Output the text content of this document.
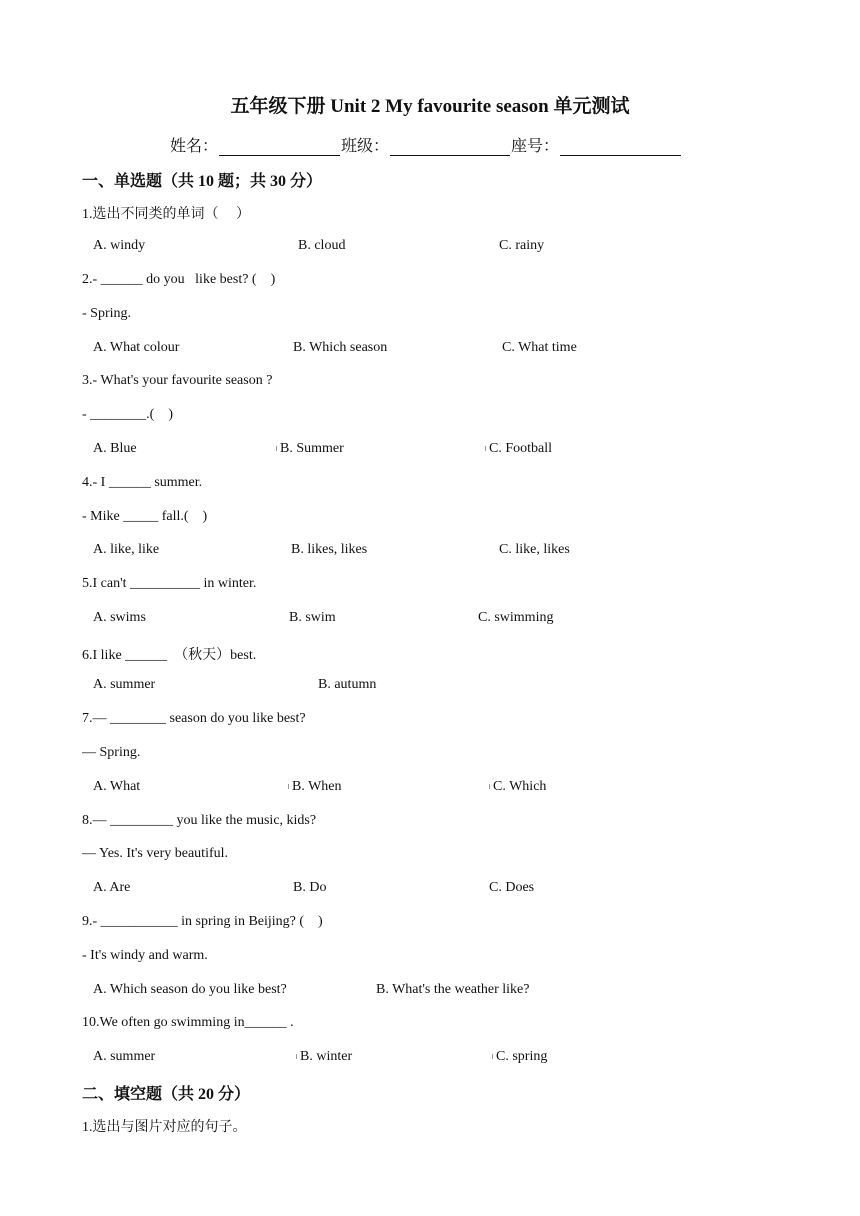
五年级下册 Unit 2 My favourite season 单元测试
姓名：	班级：	座号：
一、单选题（共 10 题；共 30 分）
1.选出不同类的单词（     ）
A. windy	B. cloud	C. rainy
2.- ______ do you   like best? (    )
- Spring.
A. What colour	B. Which season	C. What time
3.- What's your favourite season ?
- ________.(    )
A. Blue	B. Summer	C. Football
4.- I ______ summer.
- Mike _____ fall.(    )
A. like, like	B. likes, likes	C. like, likes
5.I can't __________ in winter.
A. swims	B. swim	C. swimming
6.I like ______  （秋天）best.
A. summer	B. autumn
7.— ________ season do you like best?
— Spring.
A. What	B. When	C. Which
8.— _________ you like the music, kids?
— Yes. It's very beautiful.
A. Are	B. Do	C. Does
9.- ___________ in spring in Beijing? (    )
- It's windy and warm.
A. Which season do you like best?	B. What's the weather like?
10.We often go swimming in______ .
A. summer	B. winter	C. spring
二、填空题（共 20 分）
1.选出与图片对应的句子。
